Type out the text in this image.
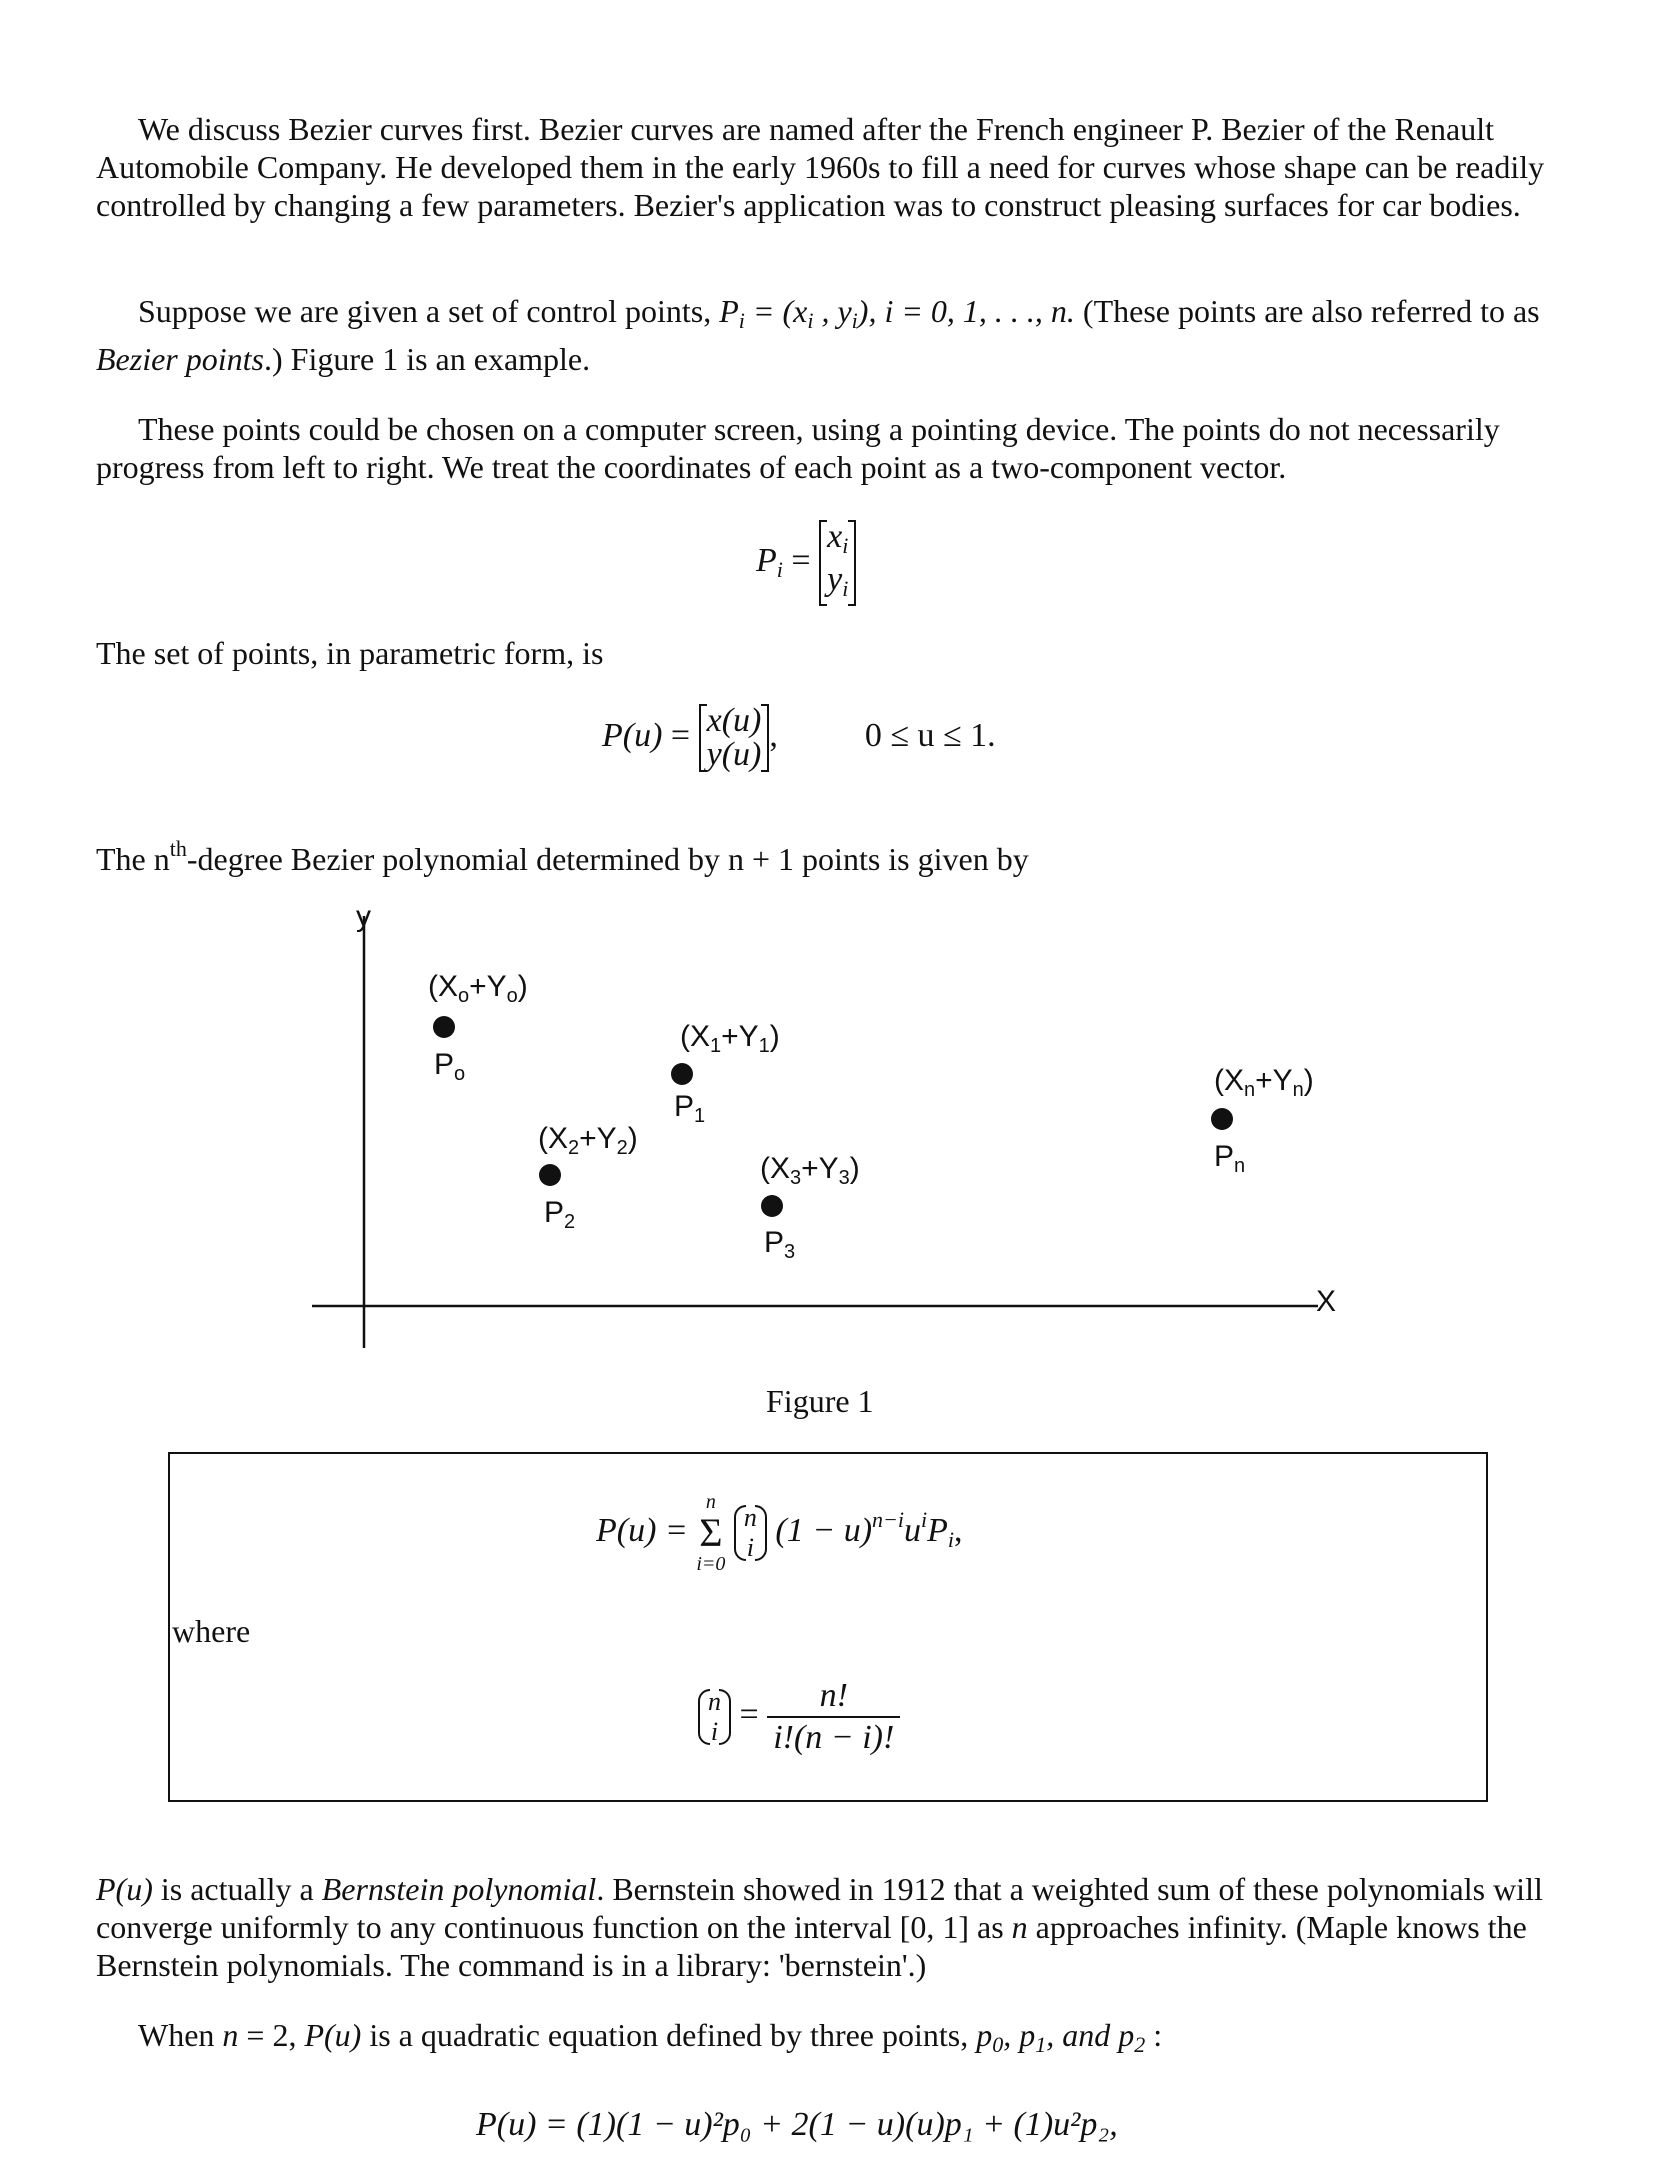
We discuss Bezier curves first. Bezier curves are named after the French engineer P. Bezier of the Renault Automobile Company. He developed them in the early 1960s to fill a need for curves whose shape can be readily controlled by changing a few parameters. Bezier's application was to construct pleasing surfaces for car bodies.
Suppose we are given a set of control points, $P_i = (x_i$ , $y_i$), i = 0, 1, . . ., n. (These points are also referred to as Bezier points.) Figure 1 is an example.
These points could be chosen on a computer screen, using a pointing device. The points do not necessarily progress from left to right. We treat the coordinates of each point as a two-component vector.
$P_i = x_i$
$y_i$
The set of points, in parametric form, is
P(u) = x(u)
y(u),	0 ≤ u ≤ 1.
The $n^{th}$-degree Bezier polynomial determined by n + 1 points is given by
y
X
$(X_o+Y_o)$
$P_o$
$(X_1+Y_1)$
$P_1$
$(X_2+Y_2)$
$P_2$
$(X_3+Y_3)$
$P_3$
$(X_n+Y_n)$
$P_n$
Figure 1
P(u) =
n
Σ
i=0

n
i $(1 - u)^{n-i}u^iP_i$,
where
n
$i = \frac{n!}{i!(n - i)!}$
P(u) is actually a Bernstein polynomial. Bernstein showed in 1912 that a weighted sum of these polynomials will converge uniformly to any continuous function on the interval [0, 1] as n approaches infinity. (Maple knows the Bernstein polynomials. The command is in a library: 'bernstein'.)
When n = 2, P(u) is a quadratic equation defined by three points, $p_0$, $p_1$, and $p_2$ :
P(u) = (1)(1 − u)²p₀ + 2(1 − u)(u)p₁ + (1)u²p₂,
